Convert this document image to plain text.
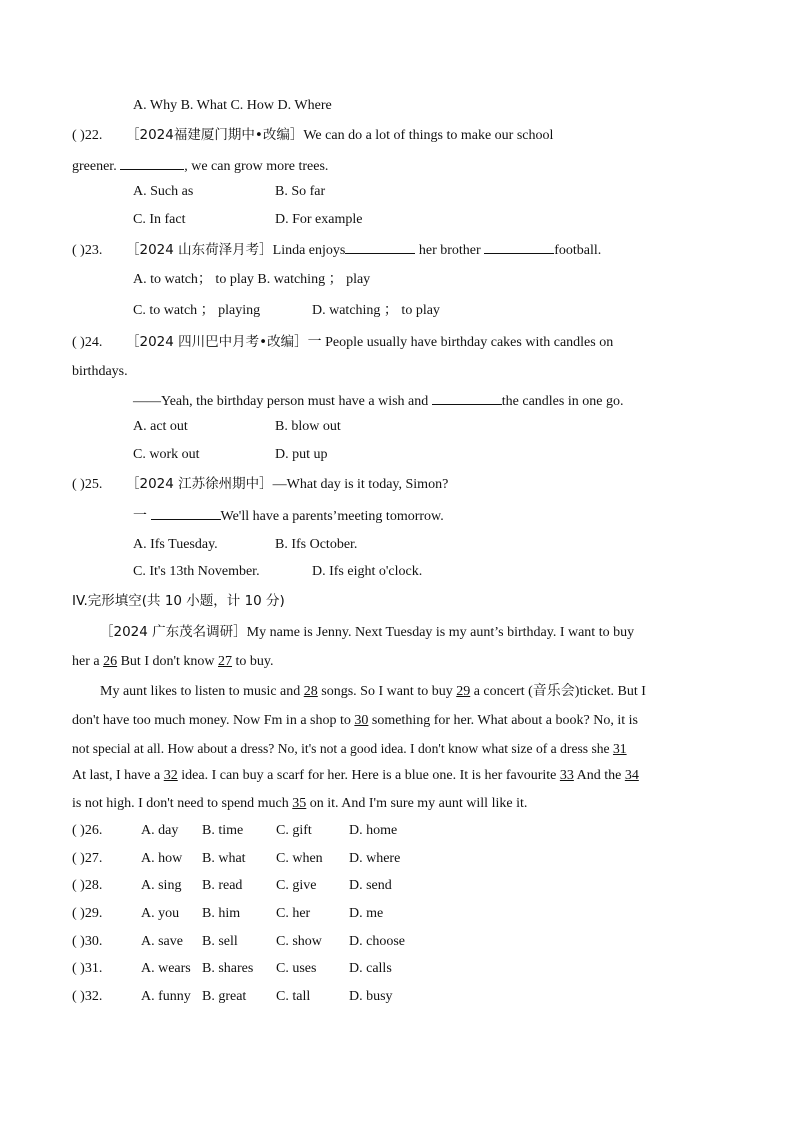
A. Why B. What C. How D. Where
( )22. ［2024福建厦门期中•改编］We can do a lot of things to make our school
greener.	, we can grow more trees.
A. Such as	B. So far
C. In fact	D. For example
( )23. ［2024 山东荷泽月考］Linda enjoys	her brother	football.
A. to watch； to play B. watching ； play
C. to watch ； playing	D. watching ； to play
( )24. ［2024 四川巴中月考•改编］一 People usually have birthday cakes with candles on
birthdays.
——Yeah, the birthday person must have a wish and	the candles in one go.
A. act out	B. blow out
C. work out	D. put up
( )25. ［2024 江苏徐州期中］—What day is it today, Simon?
一	We'll have a parents’meeting tomorrow.
A. Ifs Tuesday.	B. Ifs October.
C. It's 13th November.	D. Ifs eight o'clock.
IV.完形填空(共 10 小题，计 10 分)
［2024 广东茂名调研］My name is Jenny. Next Tuesday is my aunt’s birthday. I want to buy
her a 26 But I don't know 27 to buy.
My aunt likes to listen to music and 28 songs. So I want to buy 29 a concert (音乐会)ticket. But I
don't have too much money. Now Fm in a shop to 30 something for her. What about a book? No, it is
not special at all. How about a dress? No, it's not a good idea. I don't know what size of a dress she 31
At last, I have a 32 idea. I can buy a scarf for her. Here is a blue one. It is her favourite 33 And the 34
is not high. I don't need to spend much 35 on it. And I'm sure my aunt will like it.
( )26.	A. day B. time C. gift	D. home
( )27.	A. how B. what C. when D. where
( )28.	A. sing B. read C. give D. send
( )29.	A. you B. him	C. her	D. me
( )30.	A. save B. sell	C. show D. choose
( )31.	A. wears B. shares C. uses D. calls
( )32.	A. funny B. great C. tall	D. busy
